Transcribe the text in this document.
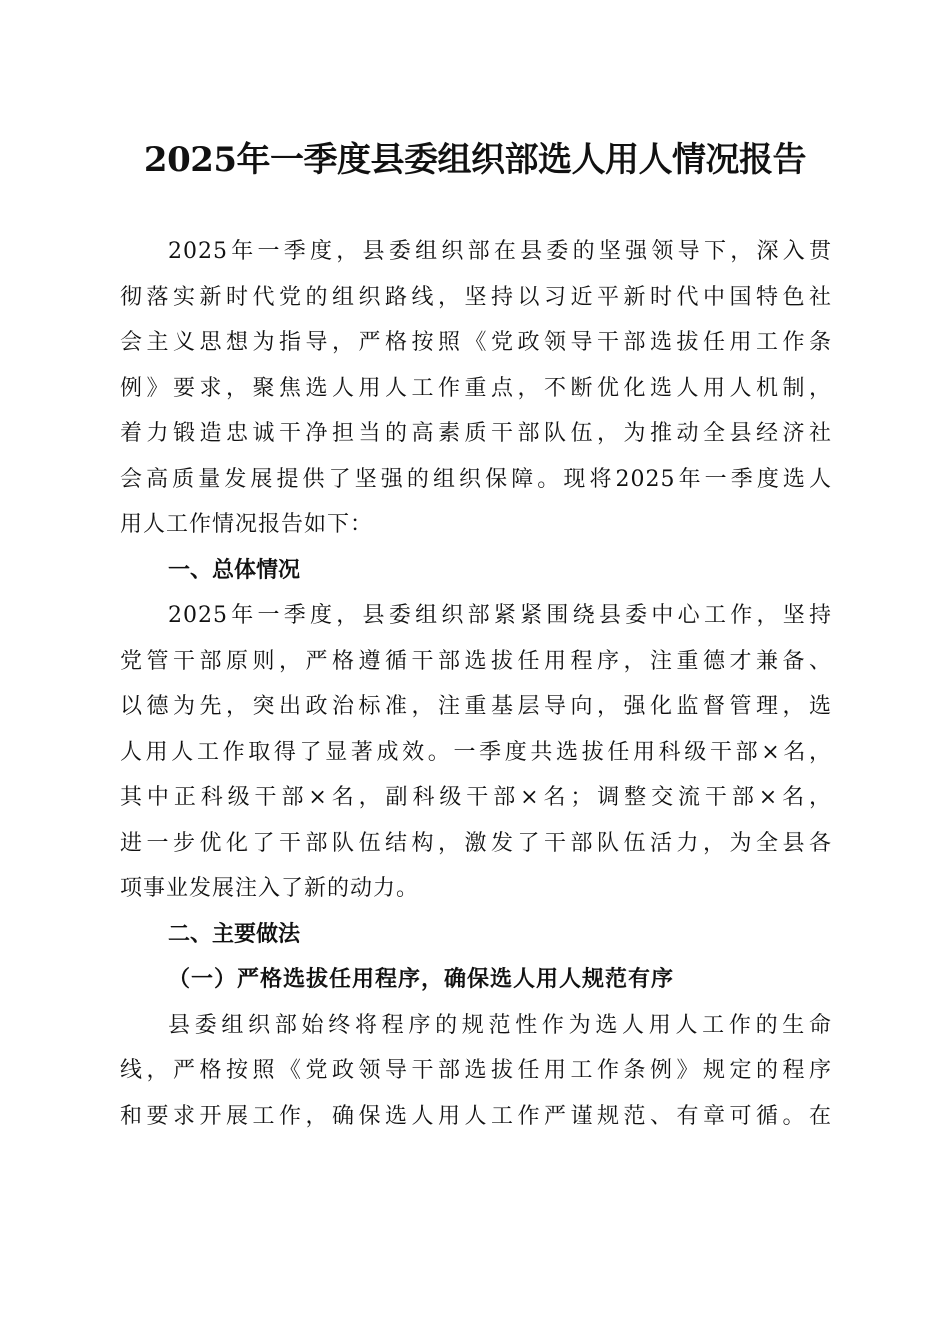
2025年一季度县委组织部选人用人情况报告
2025年一季度，县委组织部在县委的坚强领导下，深入贯
彻落实新时代党的组织路线，坚持以习近平新时代中国特色社
会主义思想为指导，严格按照《党政领导干部选拔任用工作条
例》要求，聚焦选人用人工作重点，不断优化选人用人机制，
着力锻造忠诚干净担当的高素质干部队伍，为推动全县经济社
会高质量发展提供了坚强的组织保障。现将2025年一季度选人
用人工作情况报告如下：
一、总体情况
2025年一季度，县委组织部紧紧围绕县委中心工作，坚持
党管干部原则，严格遵循干部选拔任用程序，注重德才兼备、
以德为先，突出政治标准，注重基层导向，强化监督管理，选
人用人工作取得了显著成效。一季度共选拔任用科级干部×名，
其中正科级干部×名，副科级干部×名；调整交流干部×名，
进一步优化了干部队伍结构，激发了干部队伍活力，为全县各
项事业发展注入了新的动力。
二、主要做法
（一）严格选拔任用程序，确保选人用人规范有序
县委组织部始终将程序的规范性作为选人用人工作的生命
线，严格按照《党政领导干部选拔任用工作条例》规定的程序
和要求开展工作，确保选人用人工作严谨规范、有章可循。在
